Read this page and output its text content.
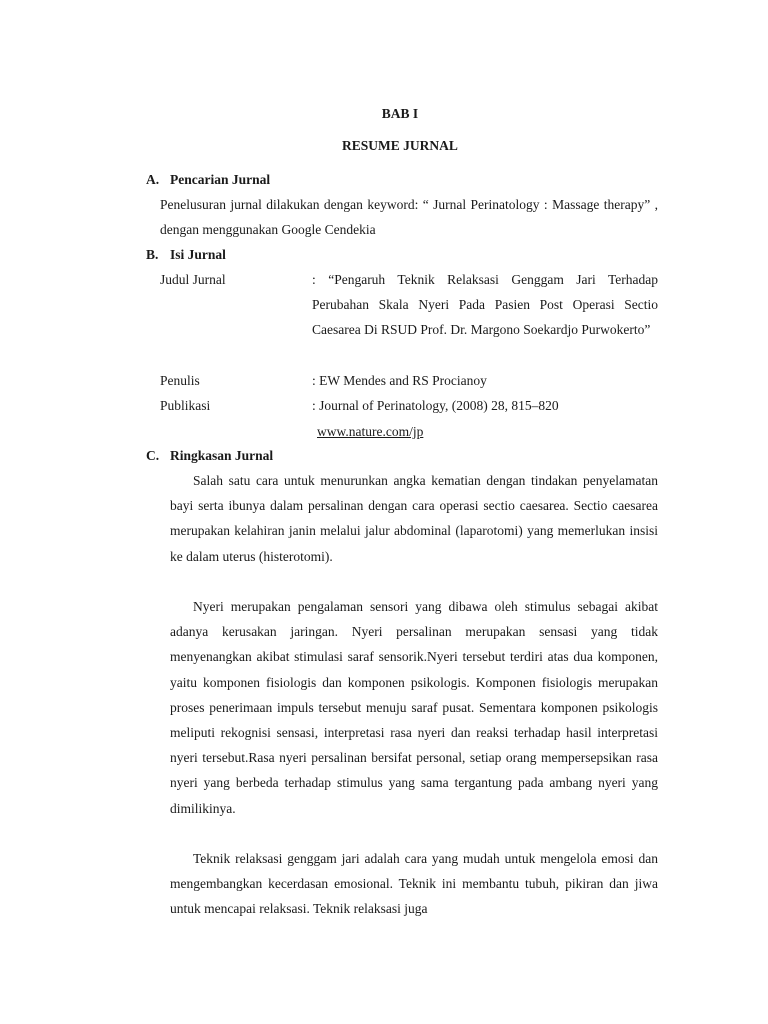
BAB I
RESUME JURNAL
A. Pencarian Jurnal
Penelusuran jurnal dilakukan dengan keyword: “ Jurnal Perinatology : Massage therapy” , dengan menggunakan Google Cendekia
B. Isi Jurnal
Judul Jurnal	: “Pengaruh Teknik Relaksasi Genggam Jari Terhadap Perubahan Skala Nyeri Pada Pasien Post Operasi Sectio Caesarea Di RSUD Prof. Dr. Margono Soekardjo Purwokerto”
Penulis	: EW Mendes and RS Procianoy
Publikasi	: Journal of Perinatology, (2008) 28, 815–820
www.nature.com/jp
C. Ringkasan Jurnal
Salah satu cara untuk menurunkan angka kematian dengan tindakan penyelamatan bayi serta ibunya dalam persalinan dengan cara operasi sectio caesarea. Sectio caesarea merupakan kelahiran janin melalui jalur abdominal (laparotomi) yang memerlukan insisi ke dalam uterus (histerotomi).
Nyeri merupakan pengalaman sensori yang dibawa oleh stimulus sebagai akibat adanya kerusakan jaringan. Nyeri persalinan merupakan sensasi yang tidak menyenangkan akibat stimulasi saraf sensorik.Nyeri tersebut terdiri atas dua komponen, yaitu komponen fisiologis dan komponen psikologis. Komponen fisiologis merupakan proses penerimaan impuls tersebut menuju saraf pusat. Sementara komponen psikologis meliputi rekognisi sensasi, interpretasi rasa nyeri dan reaksi terhadap hasil interpretasi nyeri tersebut.Rasa nyeri persalinan bersifat personal, setiap orang mempersepsikan rasa nyeri yang berbeda terhadap stimulus yang sama tergantung pada ambang nyeri yang dimilikinya.
Teknik relaksasi genggam jari adalah cara yang mudah untuk mengelola emosi dan mengembangkan kecerdasan emosional. Teknik ini membantu tubuh, pikiran dan jiwa untuk mencapai relaksasi. Teknik relaksasi juga
